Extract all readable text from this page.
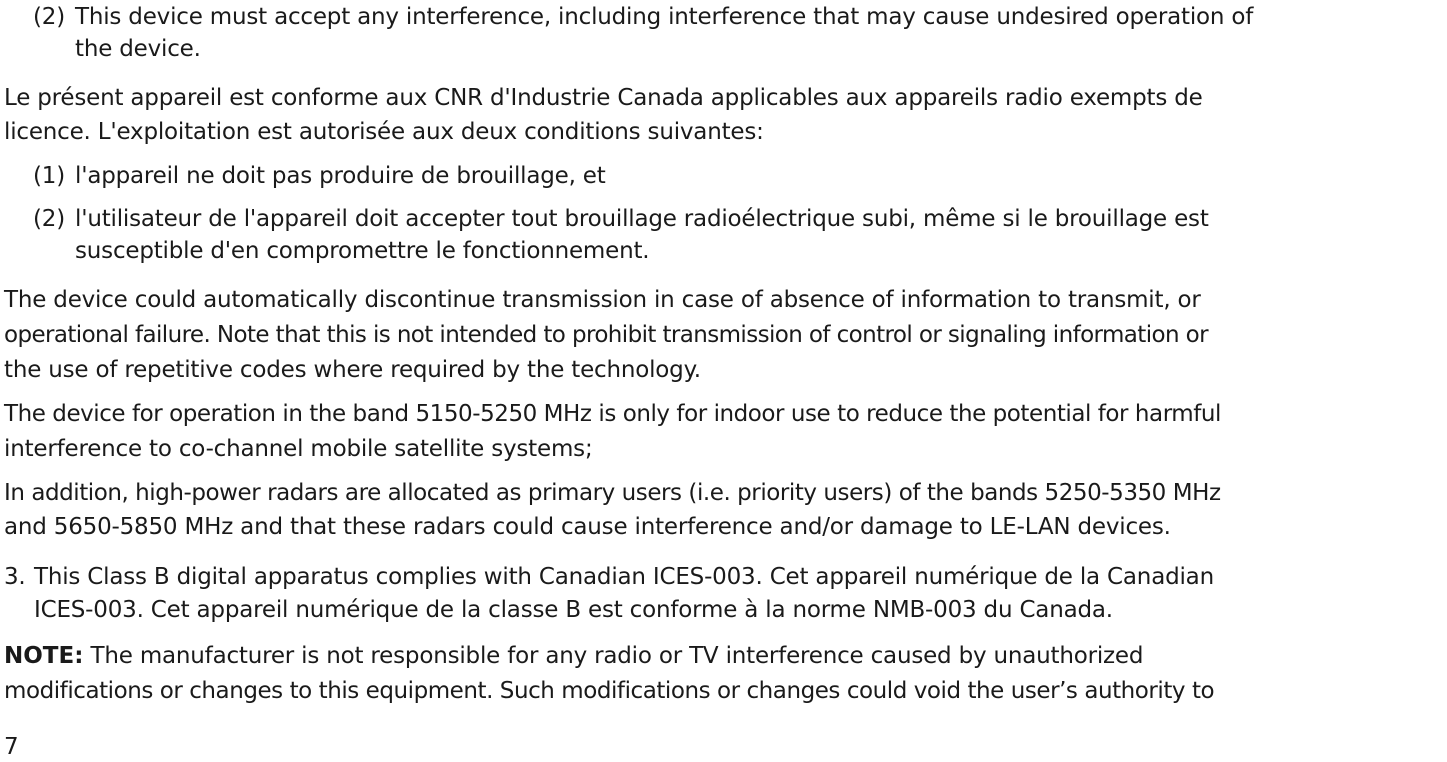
(2) This device must accept any interference, including interference that may cause undesired operation of
the device.
Le présent appareil est conforme aux CNR d'Industrie Canada applicables aux appareils radio exempts de
licence. L'exploitation est autorisée aux deux conditions suivantes:
(1) l'appareil ne doit pas produire de brouillage, et
(2) l'utilisateur de l'appareil doit accepter tout brouillage radioélectrique subi, même si le brouillage est
susceptible d'en compromettre le fonctionnement.
The device could automatically discontinue transmission in case of absence of information to transmit, or
operational failure. Note that this is not intended to prohibit transmission of control or signaling information or
the use of repetitive codes where required by the technology.
The device for operation in the band 5150-5250 MHz is only for indoor use to reduce the potential for harmful
interference to co-channel mobile satellite systems;
In addition, high-power radars are allocated as primary users (i.e. priority users) of the bands 5250-5350 MHz
and 5650-5850 MHz and that these radars could cause interference and/or damage to LE-LAN devices.
3. This Class B digital apparatus complies with Canadian ICES-003. Cet appareil numérique de la Canadian
ICES-003. Cet appareil numérique de la classe B est conforme à la norme NMB-003 du Canada.
NOTE: The manufacturer is not responsible for any radio or TV interference caused by unauthorized
modifications or changes to this equipment. Such modifications or changes could void the user’s authority to
7
